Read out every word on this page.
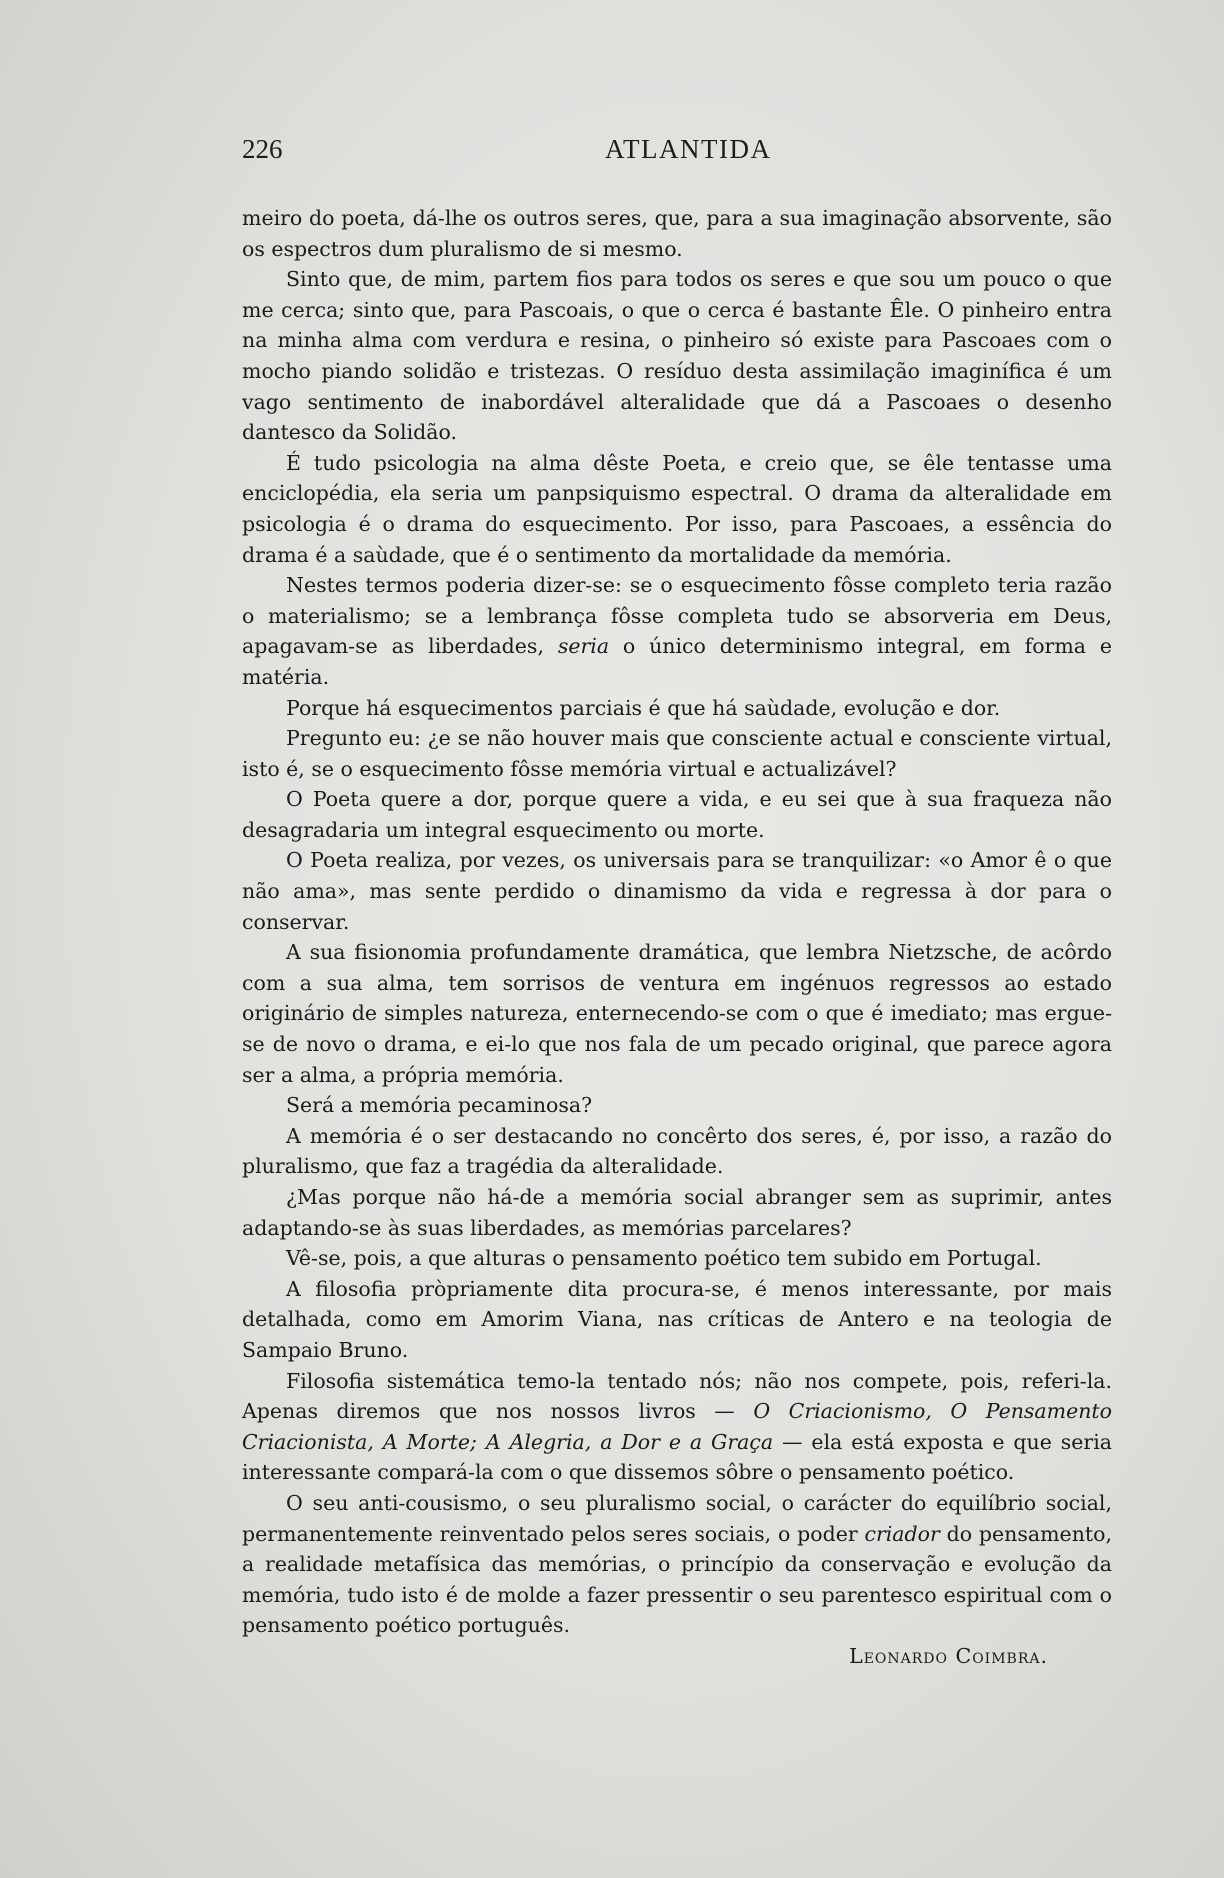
226	ATLANTIDA

meiro do poeta, dá-lhe os outros seres, que, para a sua imaginação absorvente, são os espectros dum pluralismo de si mesmo.

Sinto que, de mim, partem fios para todos os seres e que sou um pouco o que me cerca; sinto que, para Pascoais, o que o cerca é bastante Êle. O pinheiro entra na minha alma com verdura e resina, o pinheiro só existe para Pascoaes com o mocho piando solidão e tristezas. O resíduo desta assimilação imaginífica é um vago sentimento de inabordável alteralidade que dá a Pascoaes o desenho dantesco da Solidão.

É tudo psicologia na alma dêste Poeta, e creio que, se êle tentasse uma enciclopédia, ela seria um panpsiquismo espectral. O drama da alteralidade em psicologia é o drama do esquecimento. Por isso, para Pascoaes, a essência do drama é a saùdade, que é o sentimento da mortalidade da memória.

Nestes termos poderia dizer-se: se o esquecimento fôsse completo teria razão o materialismo; se a lembrança fôsse completa tudo se absorveria em Deus, apagavam-se as liberdades, seria o único determinismo integral, em forma e matéria.

Porque há esquecimentos parciais é que há saùdade, evolução e dor.

Pregunto eu: ¿e se não houver mais que consciente actual e consciente virtual, isto é, se o esquecimento fôsse memória virtual e actualizável?

O Poeta quere a dor, porque quere a vida, e eu sei que à sua fraqueza não desagradaria um integral esquecimento ou morte.

O Poeta realiza, por vezes, os universais para se tranquilizar: «o Amor ê o que não ama», mas sente perdido o dinamismo da vida e regressa à dor para o conservar.

A sua fisionomia profundamente dramática, que lembra Nietzsche, de acôrdo com a sua alma, tem sorrisos de ventura em ingénuos regressos ao estado originário de simples natureza, enternecendo-se com o que é imediato; mas ergue-se de novo o drama, e ei-lo que nos fala de um pecado original, que parece agora ser a alma, a própria memória.

Será a memória pecaminosa?

A memória é o ser destacando no concêrto dos seres, é, por isso, a razão do pluralismo, que faz a tragédia da alteralidade.

¿Mas porque não há-de a memória social abranger sem as suprimir, antes adaptando-se às suas liberdades, as memórias parcelares?

Vê-se, pois, a que alturas o pensamento poético tem subido em Portugal.

A filosofia pròpriamente dita procura-se, é menos interessante, por mais detalhada, como em Amorim Viana, nas críticas de Antero e na teologia de Sampaio Bruno.

Filosofia sistemática temo-la tentado nós; não nos compete, pois, referi-la. Apenas diremos que nos nossos livros — O Criacionismo, O Pensamento Criacionista, A Morte; A Alegria, a Dor e a Graça — ela está exposta e que seria interessante compará-la com o que dissemos sôbre o pensamento poético.

O seu anti-cousismo, o seu pluralismo social, o carácter do equilíbrio social, permanentemente reinventado pelos seres sociais, o poder criador do pensamento, a realidade metafísica das memórias, o princípio da conservação e evolução da memória, tudo isto é de molde a fazer pressentir o seu parentesco espiritual com o pensamento poético português.

Leonardo Coimbra.
